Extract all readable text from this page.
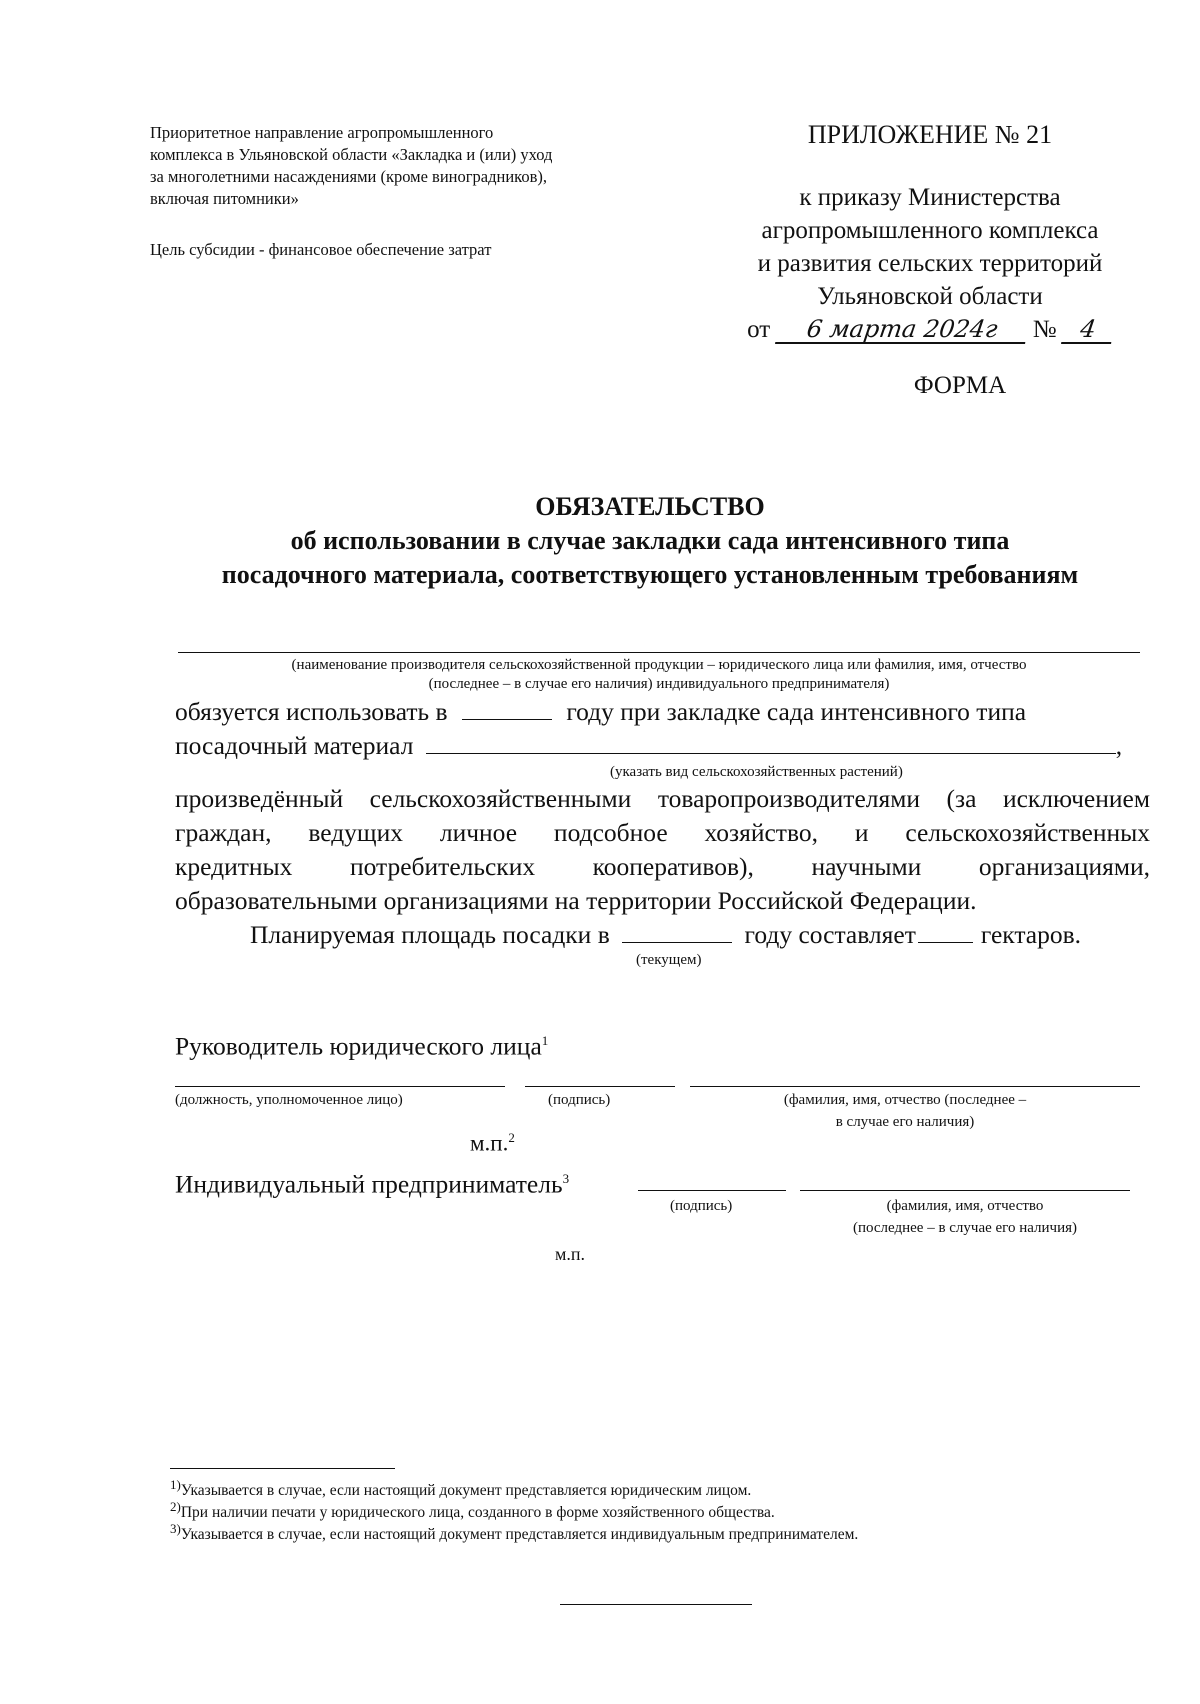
Приоритетное направление агропромышленного
комплекса в Ульяновской области «Закладка и (или) уход
за многолетними насаждениями (кроме виноградников),
включая питомники»
Цель субсидии - финансовое обеспечение затрат
ПРИЛОЖЕНИЕ № 21
к приказу Министерства
агропромышленного комплекса
и развития сельских территорий
Ульяновской области
от 6 марта 2024г № 4
ФОРМА
ОБЯЗАТЕЛЬСТВО
об использовании в случае закладки сада интенсивного типа
посадочного материала, соответствующего установленным требованиям
(наименование производителя сельскохозяйственной продукции – юридического лица или фамилия, имя, отчество
(последнее – в случае его наличия) индивидуального предпринимателя)
обязуется использовать в	году при закладке сада интенсивного типа
посадочный материал	,
(указать вид сельскохозяйственных растений)
произведённый сельскохозяйственными товаропроизводителями (за исключением
граждан, ведущих личное подсобное хозяйство, и сельскохозяйственных
кредитных потребительских кооперативов), научными организациями,
образовательными организациями на территории Российской Федерации.
Планируемая площадь посадки в	году составляет	гектаров.
(текущем)
Руководитель юридического лица$^1$
(должность, уполномоченное лицо)	(подпись)	(фамилия, имя, отчество (последнее –
в случае его наличия)
м.п.$^2$
Индивидуальный предприниматель$^3$
(подпись)	(фамилия, имя, отчество
(последнее – в случае его наличия)
м.п.
$^{1)}$Указывается в случае, если настоящий документ представляется юридическим лицом.
$^{2)}$При наличии печати у юридического лица, созданного в форме хозяйственного общества.
$^{3)}$Указывается в случае, если настоящий документ представляется индивидуальным предпринимателем.
